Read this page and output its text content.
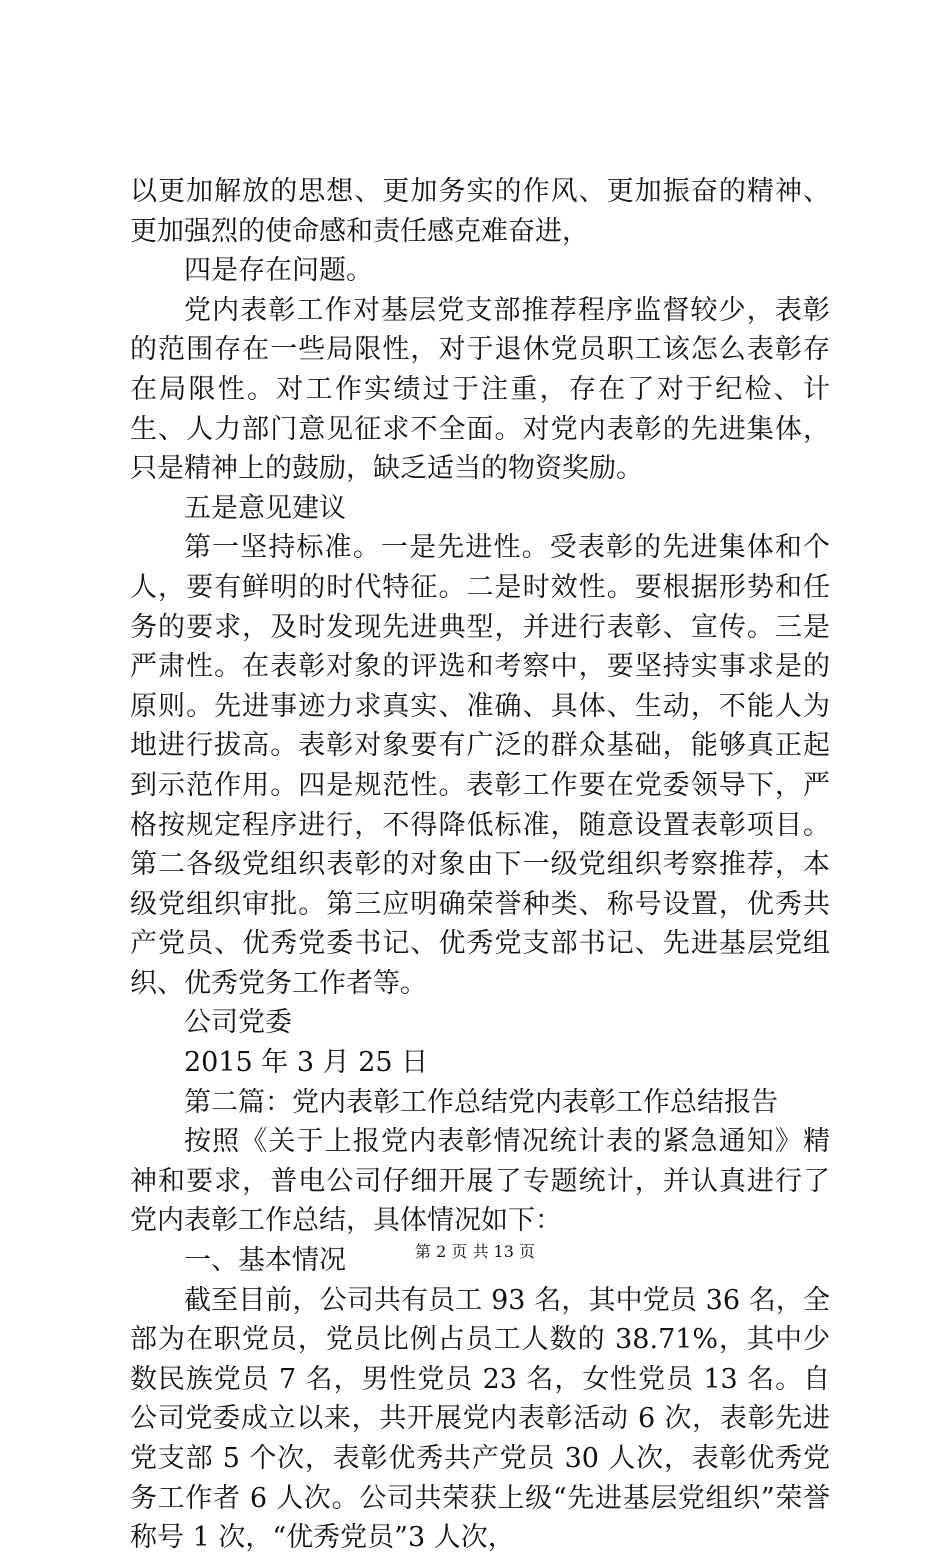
以更加解放的思想、更加务实的作风、更加振奋的精神、更加强烈的使命感和责任感克难奋进，

四是存在问题。

党内表彰工作对基层党支部推荐程序监督较少，表彰的范围存在一些局限性，对于退休党员职工该怎么表彰存在局限性。对工作实绩过于注重，存在了对于纪检、计生、人力部门意见征求不全面。对党内表彰的先进集体，只是精神上的鼓励，缺乏适当的物资奖励。

五是意见建议

第一坚持标准。一是先进性。受表彰的先进集体和个人，要有鲜明的时代特征。二是时效性。要根据形势和任务的要求，及时发现先进典型，并进行表彰、宣传。三是严肃性。在表彰对象的评选和考察中，要坚持实事求是的原则。先进事迹力求真实、准确、具体、生动，不能人为地进行拔高。表彰对象要有广泛的群众基础，能够真正起到示范作用。四是规范性。表彰工作要在党委领导下，严格按规定程序进行，不得降低标准，随意设置表彰项目。第二各级党组织表彰的对象由下一级党组织考察推荐，本级党组织审批。第三应明确荣誉种类、称号设置，优秀共产党员、优秀党委书记、优秀党支部书记、先进基层党组织、优秀党务工作者等。

公司党委

2015 年 3 月 25 日

第二篇：党内表彰工作总结党内表彰工作总结报告

按照《关于上报党内表彰情况统计表的紧急通知》精神和要求，普电公司仔细开展了专题统计，并认真进行了党内表彰工作总结，具体情况如下：

一、基本情况

截至目前，公司共有员工 93 名，其中党员 36 名，全部为在职党员，党员比例占员工人数的 38.71%，其中少数民族党员 7 名，男性党员 23 名，女性党员 13 名。自公司党委成立以来，共开展党内表彰活动 6 次，表彰先进党支部 5 个次，表彰优秀共产党员 30 人次，表彰优秀党务工作者 6 人次。公司共荣获上级“先进基层党组织”荣誉称号 1 次，“优秀党员”3 人次，

第 2 页 共 13 页
